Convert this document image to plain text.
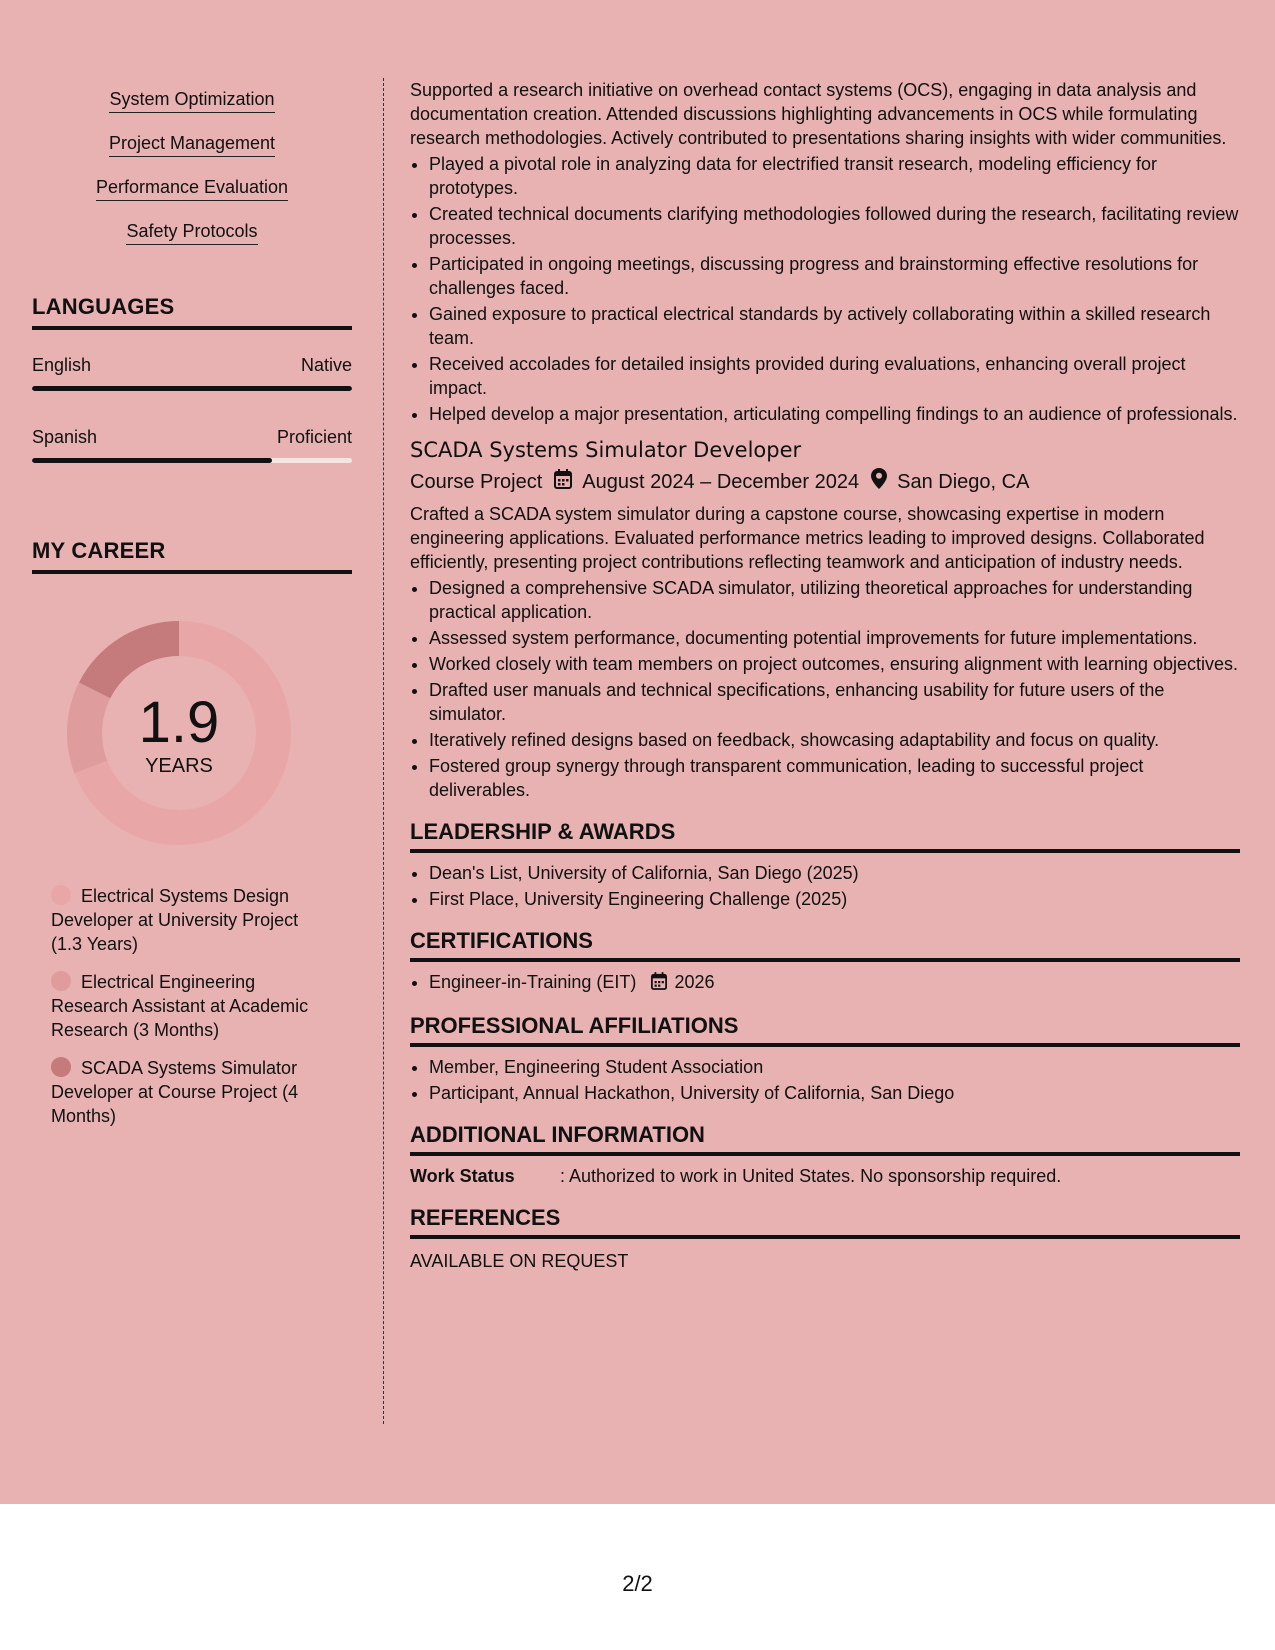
System Optimization

Project Management

Performance Evaluation

Safety Protocols

LANGUAGES
English	Native
Spanish	Proficient
MY CAREER
1.9
YEARS
Electrical Systems Design Developer at University Project (1.3 Years)
Electrical Engineering Research Assistant at Academic Research (3 Months)
SCADA Systems Simulator Developer at Course Project (4 Months)

Supported a research initiative on overhead contact systems (OCS), engaging in data analysis and documentation creation. Attended discussions highlighting advancements in OCS while formulating research methodologies. Actively contributed to presentations sharing insights with wider communities.

• Played a pivotal role in analyzing data for electrified transit research, modeling efficiency for prototypes.
• Created technical documents clarifying methodologies followed during the research, facilitating review processes.
• Participated in ongoing meetings, discussing progress and brainstorming effective resolutions for challenges faced.
• Gained exposure to practical electrical standards by actively collaborating within a skilled research team.
• Received accolades for detailed insights provided during evaluations, enhancing overall project impact.
• Helped develop a major presentation, articulating compelling findings to an audience of professionals.
SCADA Systems Simulator Developer
Course Project August 2024 – December 2024 San Diego, CA

Crafted a SCADA system simulator during a capstone course, showcasing expertise in modern engineering applications. Evaluated performance metrics leading to improved designs. Collaborated efficiently, presenting project contributions reflecting teamwork and anticipation of industry needs.

• Designed a comprehensive SCADA simulator, utilizing theoretical approaches for understanding practical application.
• Assessed system performance, documenting potential improvements for future implementations.
• Worked closely with team members on project outcomes, ensuring alignment with learning objectives.
• Drafted user manuals and technical specifications, enhancing usability for future users of the simulator.
• Iteratively refined designs based on feedback, showcasing adaptability and focus on quality.
• Fostered group synergy through transparent communication, leading to successful project deliverables.
LEADERSHIP & AWARDS
• Dean's List, University of California, San Diego (2025)
• First Place, University Engineering Challenge (2025)
CERTIFICATIONS
• Engineer-in-Training (EIT) 2026
PROFESSIONAL AFFILIATIONS
• Member, Engineering Student Association
• Participant, Annual Hackathon, University of California, San Diego
ADDITIONAL INFORMATION
Work Status	: Authorized to work in United States. No sponsorship required.
REFERENCES
AVAILABLE ON REQUEST
2/2
